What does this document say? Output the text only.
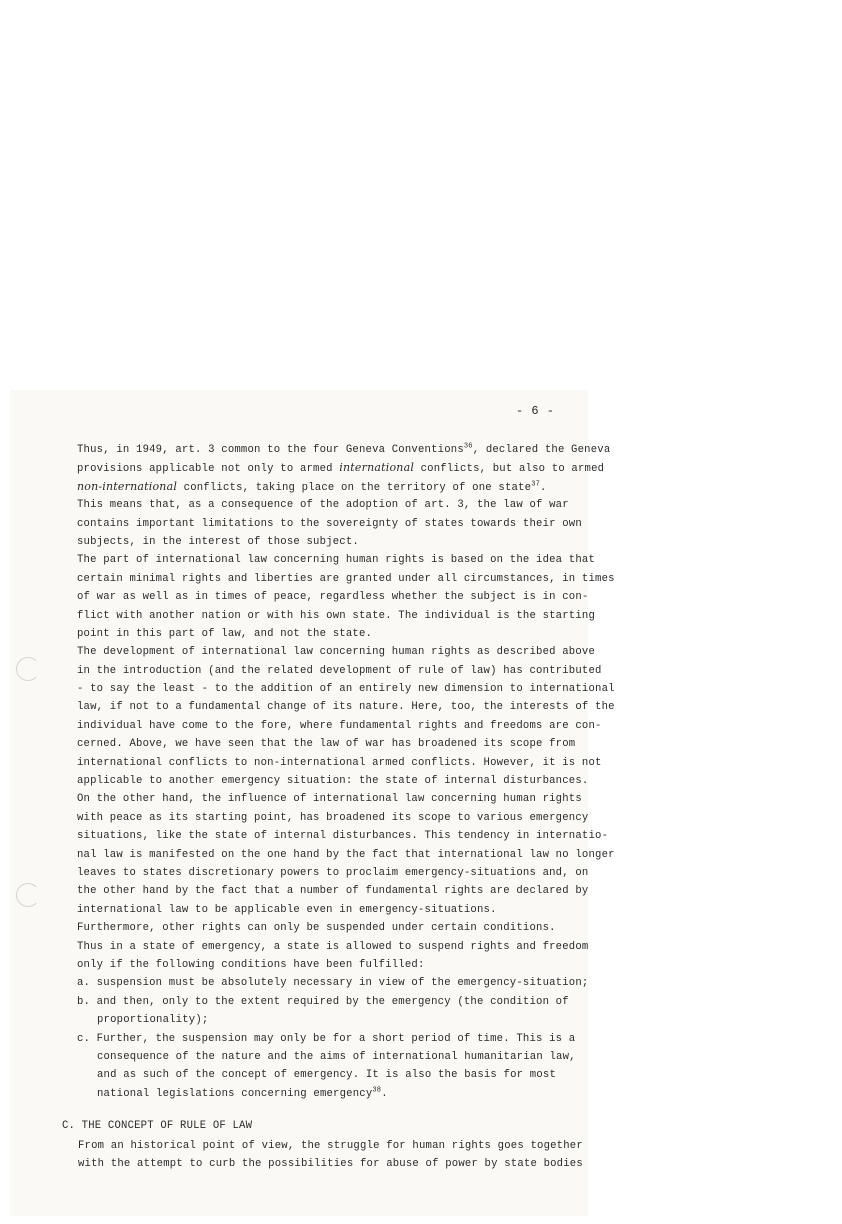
- 6 -
Thus, in 1949, art. 3 common to the four Geneva Conventions$^{36}$, declared the Geneva
provisions applicable not only to armed international conflicts, but also to armed
non-international conflicts, taking place on the territory of one state$^{37}$.
This means that, as a consequence of the adoption of art. 3, the law of war
contains important limitations to the sovereignty of states towards their own
subjects, in the interest of those subject.
The part of international law concerning human rights is based on the idea that
certain minimal rights and liberties are granted under all circumstances, in times
of war as well as in times of peace, regardless whether the subject is in con-
flict with another nation or with his own state. The individual is the starting
point in this part of law, and not the state.
The development of international law concerning human rights as described above
in the introduction (and the related development of rule of law) has contributed
- to say the least - to the addition of an entirely new dimension to international
law, if not to a fundamental change of its nature. Here, too, the interests of the
individual have come to the fore, where fundamental rights and freedoms are con-
cerned. Above, we have seen that the law of war has broadened its scope from
international conflicts to non-international armed conflicts. However, it is not
applicable to another emergency situation: the state of internal disturbances.
On the other hand, the influence of international law concerning human rights
with peace as its starting point, has broadened its scope to various emergency
situations, like the state of internal disturbances. This tendency in internatio-
nal law is manifested on the one hand by the fact that international law no longer
leaves to states discretionary powers to proclaim emergency-situations and, on
the other hand by the fact that a number of fundamental rights are declared by
international law to be applicable even in emergency-situations.
Furthermore, other rights can only be suspended under certain conditions.
Thus in a state of emergency, a state is allowed to suspend rights and freedom
only if the following conditions have been fulfilled:
a. suspension must be absolutely necessary in view of the emergency-situation;
b. and then, only to the extent required by the emergency (the condition of
proportionality);
c. Further, the suspension may only be for a short period of time. This is a
consequence of the nature and the aims of international humanitarian law,
and as such of the concept of emergency. It is also the basis for most
national legislations concerning emergency$^{38}$.
C. THE CONCEPT OF RULE OF LAW
From an historical point of view, the struggle for human rights goes together
with the attempt to curb the possibilities for abuse of power by state bodies
